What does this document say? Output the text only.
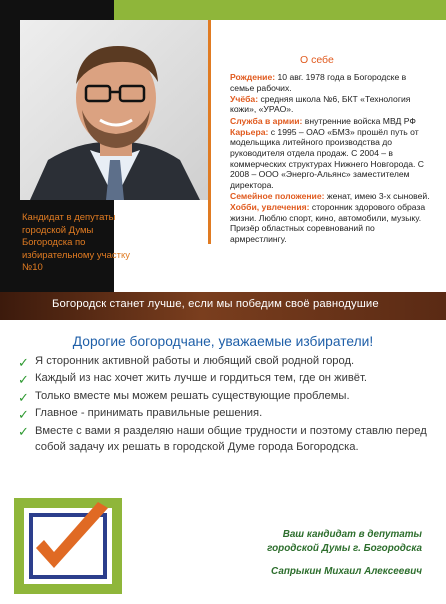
Кандидат в депутаты городской Думы Богородска по избирательному участку №10
О себе

Рождение: 10 авг. 1978 года в Богородске в семье рабочих.

Учёба: средняя школа №6, БКТ «Технология кожи», «УРАО».

Служба в армии: внутренние войска МВД РФ

Карьера: с 1995 – ОАО «БМЗ» прошёл путь от модельщика литейного производства до руководителя отдела продаж. С 2004 – в коммерческих структурах Нижнего Новгорода. С 2008 – ООО «Энерго-Альянс» заместителем директора.

Семейное положение: женат, имею 3-х сыновей.

Хобби, увлечения: сторонник здорового образа жизни. Люблю спорт, кино, автомобили, музыку. Призёр областных соревнований по армрестлингу.

Богородск станет лучше, если мы победим своё равнодушие
Дорогие богородчане, уважаемые избиратели!
✓ Я сторонник активной работы и любящий свой родной город.
✓ Каждый из нас хочет жить лучше и гордиться тем, где он живёт.
✓ Только вместе мы можем решать существующие проблемы.
✓ Главное - принимать правильные решения.
✓ Вместе с вами я разделяю наши общие трудности и поэтому ставлю перед собой задачу их решать в городской Думе города Богородска.
Ваш кандидат в депутаты
городской Думы г. Богородска
Сапрыкин Михаил Алексеевич
